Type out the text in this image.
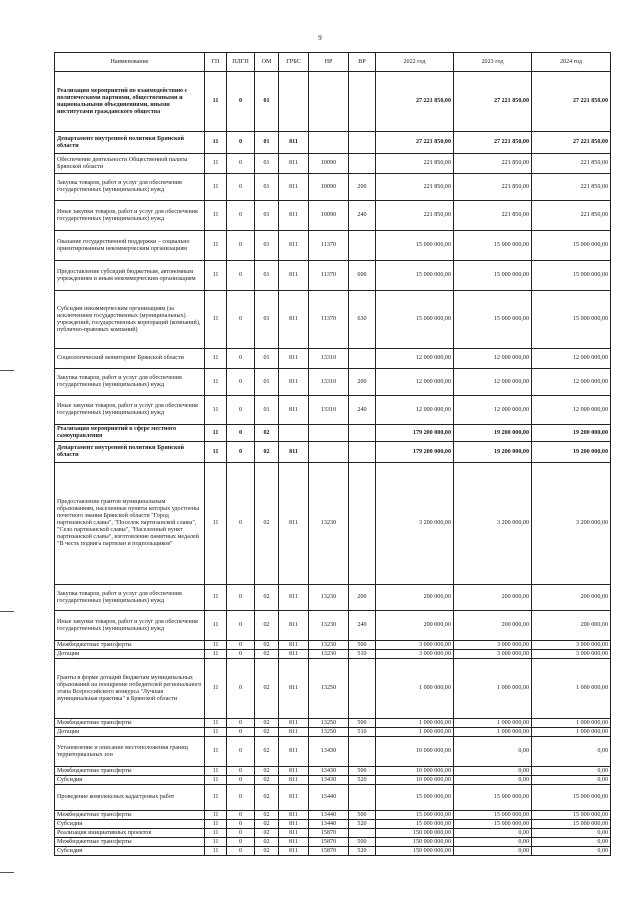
9
Наименование	ГП	ПЛГП	ОМ	ГРБС	НР	ВР	2022 год	2023 год	2024 год
Реализация мероприятий по взаимодействию с политическими партиями, общественными и национальными объединениями, иными институтами гражданского общества	11	0	01				27 221 850,00	27 221 850,00	27 221 850,00
Департамент внутренней политики Брянской области	11	0	01	811			27 221 850,00	27 221 850,00	27 221 850,00
Обеспечение деятельности Общественной палаты Брянской области	11	0	01	811	10090		221 850,00	221 850,00	221 850,00
Закупка товаров, работ и услуг для обеспечения государственных (муниципальных) нужд	11	0	01	811	10090	200	221 850,00	221 850,00	221 850,00
Иные закупки товаров, работ и услуг для обеспечения государственных (муниципальных) нужд	11	0	01	811	10090	240	221 850,00	221 850,00	221 850,00
Оказание государственной поддержки – социально ориентированным некоммерческим организациям	11	0	01	811	11370		15 000 000,00	15 000 000,00	15 000 000,00
Предоставление субсидий бюджетным, автономным учреждениям и иным некоммерческим организациям	11	0	01	811	11370	600	15 000 000,00	15 000 000,00	15 000 000,00
Субсидии некоммерческим организациям (за исключением государственных (муниципальных) учреждений, государственных корпораций (компаний), публично-правовых компаний)	11	0	01	811	11370	630	15 000 000,00	15 000 000,00	15 000 000,00
Социологический мониторинг Брянской области	11	0	01	811	13310		12 000 000,00	12 000 000,00	12 000 000,00
Закупка товаров, работ и услуг для обеспечения государственных (муниципальных) нужд	11	0	01	811	13310	200	12 000 000,00	12 000 000,00	12 000 000,00
Иные закупки товаров, работ и услуг для обеспечения государственных (муниципальных) нужд	11	0	01	811	13310	240	12 000 000,00	12 000 000,00	12 000 000,00
Реализация мероприятий в сфере местного самоуправления	11	0	02				179 200 000,00	19 200 000,00	19 200 000,00
Департамент внутренней политики Брянской области	11	0	02	811			179 200 000,00	19 200 000,00	19 200 000,00
Предоставление грантов муниципальным образованиям, населенные пункты которых удостоены почетного звания Брянской области "Город партизанской славы", "Поселок партизанской славы", "Село партизанской славы", "Населенный пункт партизанской славы", изготовление памятных медалей "В честь подвига партизан и подпольщиков"	11	0	02	811	13230		3 200 000,00	3 200 000,00	3 200 000,00
Закупка товаров, работ и услуг для обеспечения государственных (муниципальных) нужд	11	0	02	811	13230	200	200 000,00	200 000,00	200 000,00
Иные закупки товаров, работ и услуг для обеспечения государственных (муниципальных) нужд	11	0	02	811	13230	240	200 000,00	200 000,00	200 000,00
Межбюджетные трансферты	11	0	02	811	13230	500	3 000 000,00	3 000 000,00	3 000 000,00
Дотации	11	0	02	811	13230	510	3 000 000,00	3 000 000,00	3 000 000,00
Гранты в форме дотаций бюджетам муниципальных образований на поощрение победителей регионального этапа Всероссийского конкурса "Лучшая муниципальная практика" в Брянской области	11	0	02	811	13250		1 000 000,00	1 000 000,00	1 000 000,00
Межбюджетные трансферты	11	0	02	811	13250	500	1 000 000,00	1 000 000,00	1 000 000,00
Дотации	11	0	02	811	13250	510	1 000 000,00	1 000 000,00	1 000 000,00
Установление и описание местоположения границ территориальных зон	11	0	02	811	13430		10 000 000,00	0,00	0,00
Межбюджетные трансферты	11	0	02	811	13430	500	10 000 000,00	0,00	0,00
Субсидии	11	0	02	811	13430	520	10 000 000,00	0,00	0,00
Проведение комплексных кадастровых работ	11	0	02	811	13440		15 000 000,00	15 000 000,00	15 000 000,00
Межбюджетные трансферты	11	0	02	811	13440	500	15 000 000,00	15 000 000,00	15 000 000,00
Субсидии	11	0	02	811	13440	520	15 000 000,00	15 000 000,00	15 000 000,00
Реализация инициативных проектов	11	0	02	811	15870		150 000 000,00	0,00	0,00
Межбюджетные трансферты	11	0	02	811	15870	500	150 000 000,00	0,00	0,00
Субсидии	11	0	02	811	15870	520	150 000 000,00	0,00	0,00
